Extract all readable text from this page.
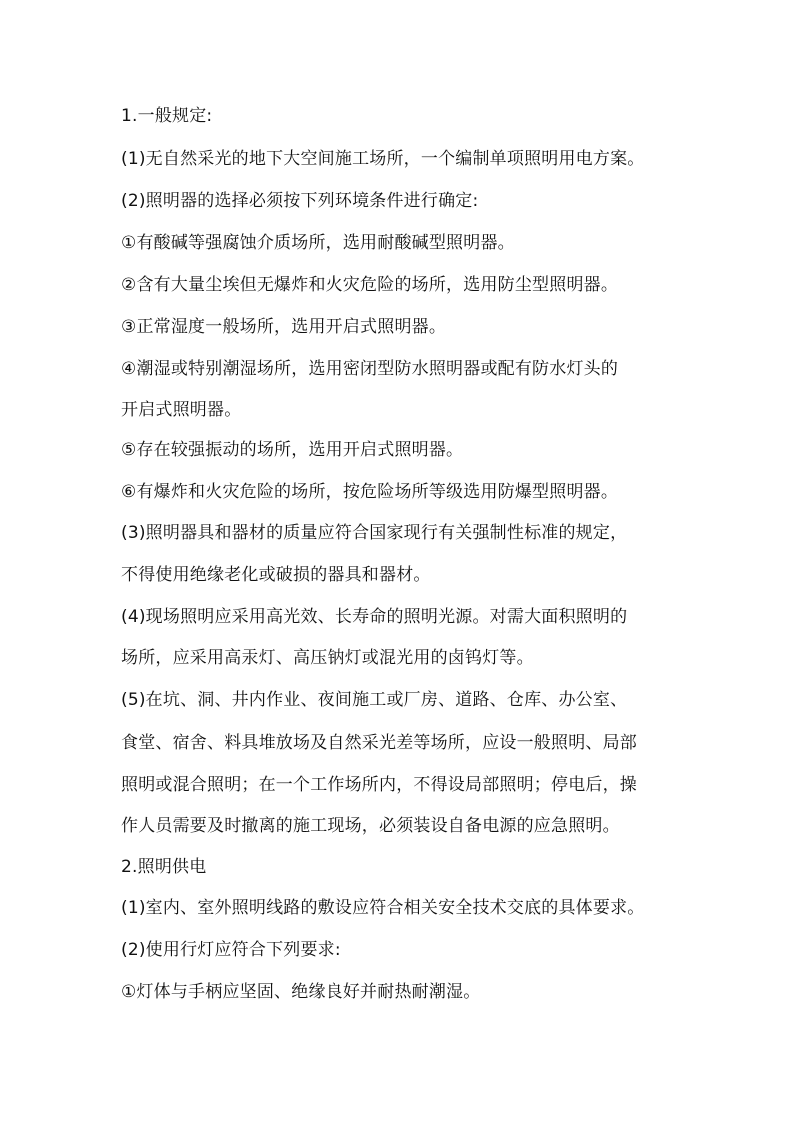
1.一般规定:
(1)无自然采光的地下大空间施工场所，一个编制单项照明用电方案。
(2)照明器的选择必须按下列环境条件进行确定:
①有酸碱等强腐蚀介质场所，选用耐酸碱型照明器。
②含有大量尘埃但无爆炸和火灾危险的场所，选用防尘型照明器。
③正常湿度一般场所，选用开启式照明器。
④潮湿或特别潮湿场所，选用密闭型防水照明器或配有防水灯头的
开启式照明器。
⑤存在较强振动的场所，选用开启式照明器。
⑥有爆炸和火灾危险的场所，按危险场所等级选用防爆型照明器。
(3)照明器具和器材的质量应符合国家现行有关强制性标准的规定，
不得使用绝缘老化或破损的器具和器材。
(4)现场照明应采用高光效、长寿命的照明光源。对需大面积照明的
场所，应采用高汞灯、高压钠灯或混光用的卤钨灯等。
(5)在坑、洞、井内作业、夜间施工或厂房、道路、仓库、办公室、
食堂、宿舍、料具堆放场及自然采光差等场所，应设一般照明、局部
照明或混合照明；在一个工作场所内，不得设局部照明；停电后，操
作人员需要及时撤离的施工现场，必须装设自备电源的应急照明。
2.照明供电
(1)室内、室外照明线路的敷设应符合相关安全技术交底的具体要求。
(2)使用行灯应符合下列要求:
①灯体与手柄应坚固、绝缘良好并耐热耐潮湿。
